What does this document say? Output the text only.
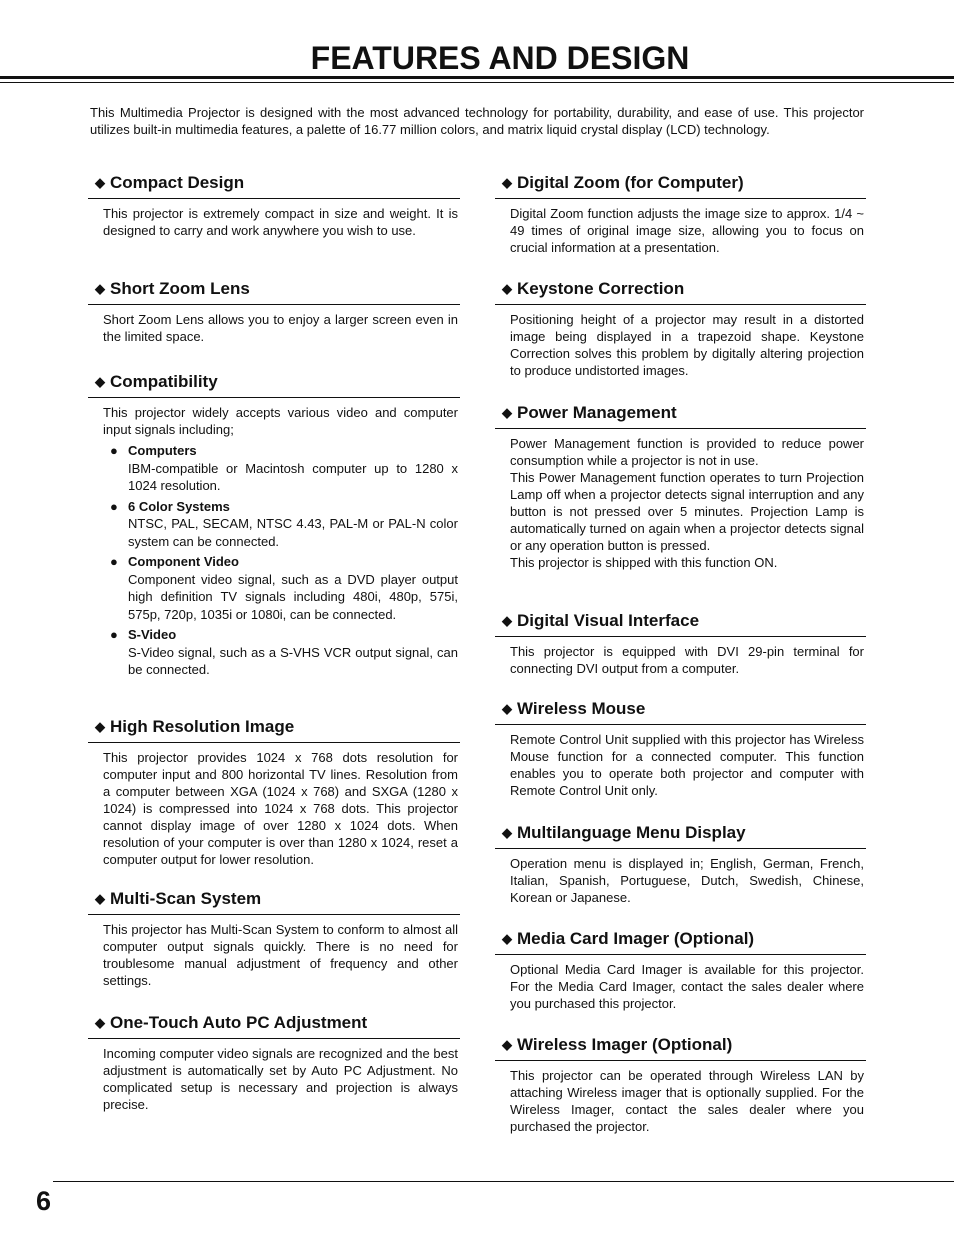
FEATURES AND DESIGN

This Multimedia Projector is designed with the most advanced technology for portability, durability, and ease of use. This projector utilizes built-in multimedia features, a palette of 16.77 million colors, and matrix liquid crystal display (LCD) technology.

◆ Compact Design

This projector is extremely compact in size and weight. It is designed to carry and work anywhere you wish to use.

◆ Short Zoom Lens

Short Zoom Lens allows you to enjoy a larger screen even in the limited space.

◆ Compatibility

This projector widely accepts various video and computer input signals including;

● Computers
IBM-compatible or Macintosh computer up to 1280 x 1024 resolution.
● 6 Color Systems
NTSC, PAL, SECAM, NTSC 4.43, PAL-M or PAL-N color system can be connected.
● Component Video
Component video signal, such as a DVD player output high definition TV signals including 480i, 480p, 575i, 575p, 720p, 1035i or 1080i, can be connected.
● S-Video
S-Video signal, such as a S-VHS VCR output signal, can be connected.
◆ High Resolution Image

This projector provides 1024 x 768 dots resolution for computer input and 800 horizontal TV lines. Resolution from a computer between XGA (1024 x 768) and SXGA (1280 x 1024) is compressed into 1024 x 768 dots. This projector cannot display image of over 1280 x 1024 dots. When resolution of your computer is over than 1280 x 1024, reset a computer output for lower resolution.

◆ Multi-Scan System

This projector has Multi-Scan System to conform to almost all computer output signals quickly. There is no need for troublesome manual adjustment of frequency and other settings.

◆ One-Touch Auto PC Adjustment

Incoming computer video signals are recognized and the best adjustment is automatically set by Auto PC Adjustment. No complicated setup is necessary and projection is always precise.

◆ Digital Zoom (for Computer)

Digital Zoom function adjusts the image size to approx. 1/4 ~ 49 times of original image size, allowing you to focus on crucial information at a presentation.

◆ Keystone Correction

Positioning height of a projector may result in a distorted image being displayed in a trapezoid shape. Keystone Correction solves this problem by digitally altering projection to produce undistorted images.

◆ Power Management

Power Management function is provided to reduce power consumption while a projector is not in use.
This Power Management function operates to turn Projection Lamp off when a projector detects signal interruption and any button is not pressed over 5 minutes. Projection Lamp is automatically turned on again when a projector detects signal or any operation button is pressed.
This projector is shipped with this function ON.

◆ Digital Visual Interface

This projector is equipped with DVI 29-pin terminal for connecting DVI output from a computer.

◆ Wireless Mouse

Remote Control Unit supplied with this projector has Wireless Mouse function for a connected computer. This function enables you to operate both projector and computer with Remote Control Unit only.

◆ Multilanguage Menu Display

Operation menu is displayed in; English, German, French, Italian, Spanish, Portuguese, Dutch, Swedish, Chinese, Korean or Japanese.

◆ Media Card Imager (Optional)

Optional Media Card Imager is available for this projector. For the Media Card Imager, contact the sales dealer where you purchased this projector.

◆ Wireless Imager (Optional)

This projector can be operated through Wireless LAN by attaching Wireless imager that is optionally supplied. For the Wireless Imager, contact the sales dealer where you purchased the projector.

6
